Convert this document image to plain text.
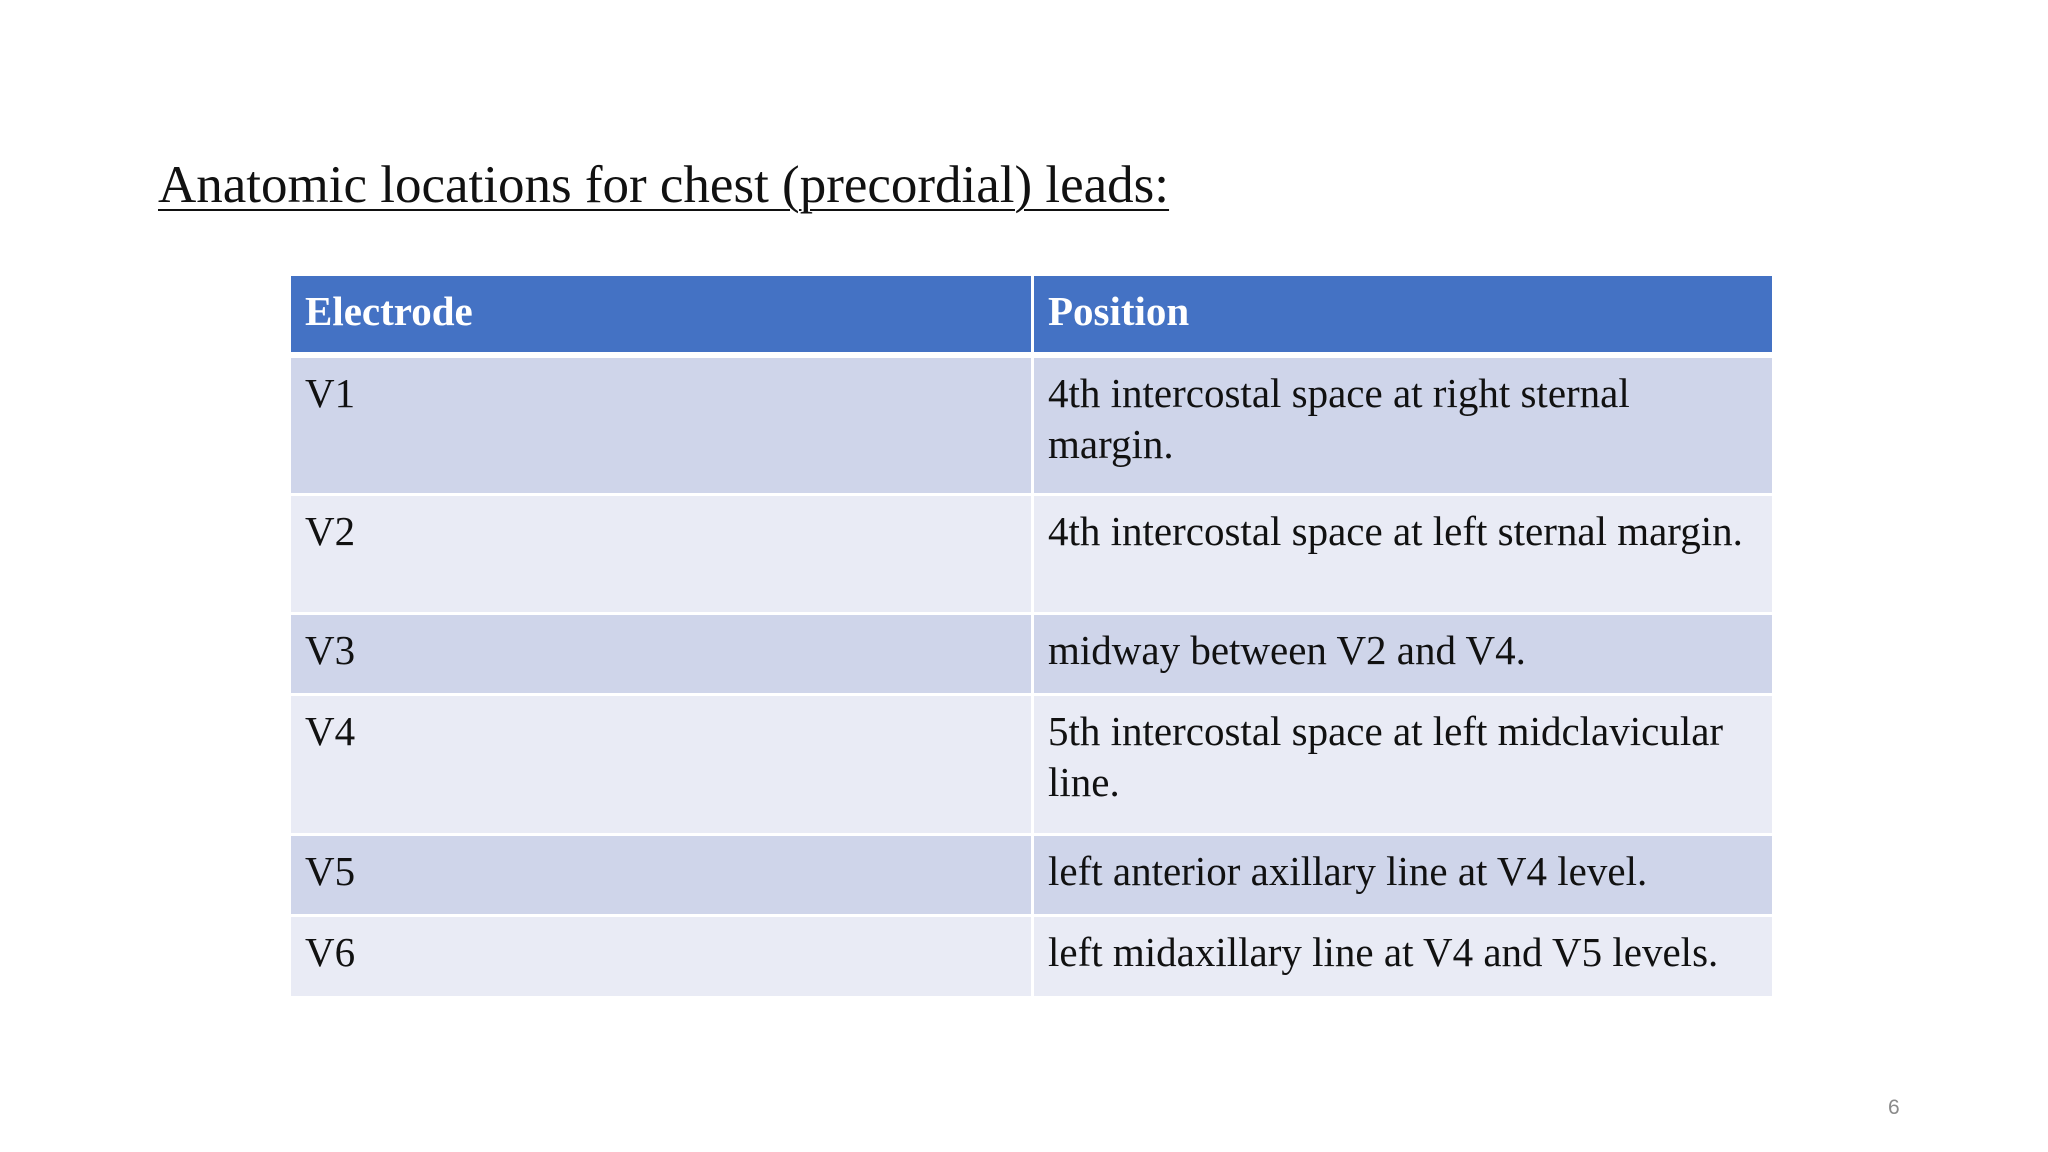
Anatomic locations for chest (precordial) leads:
Electrode	Position
V1	4th intercostal space at right sternal margin.
V2	4th intercostal space at left sternal margin.
V3	midway between V2 and V4.
V4	5th intercostal space at left midclavicular line.
V5	left anterior axillary line at V4 level.
V6	left midaxillary line at V4 and V5 levels.
6
